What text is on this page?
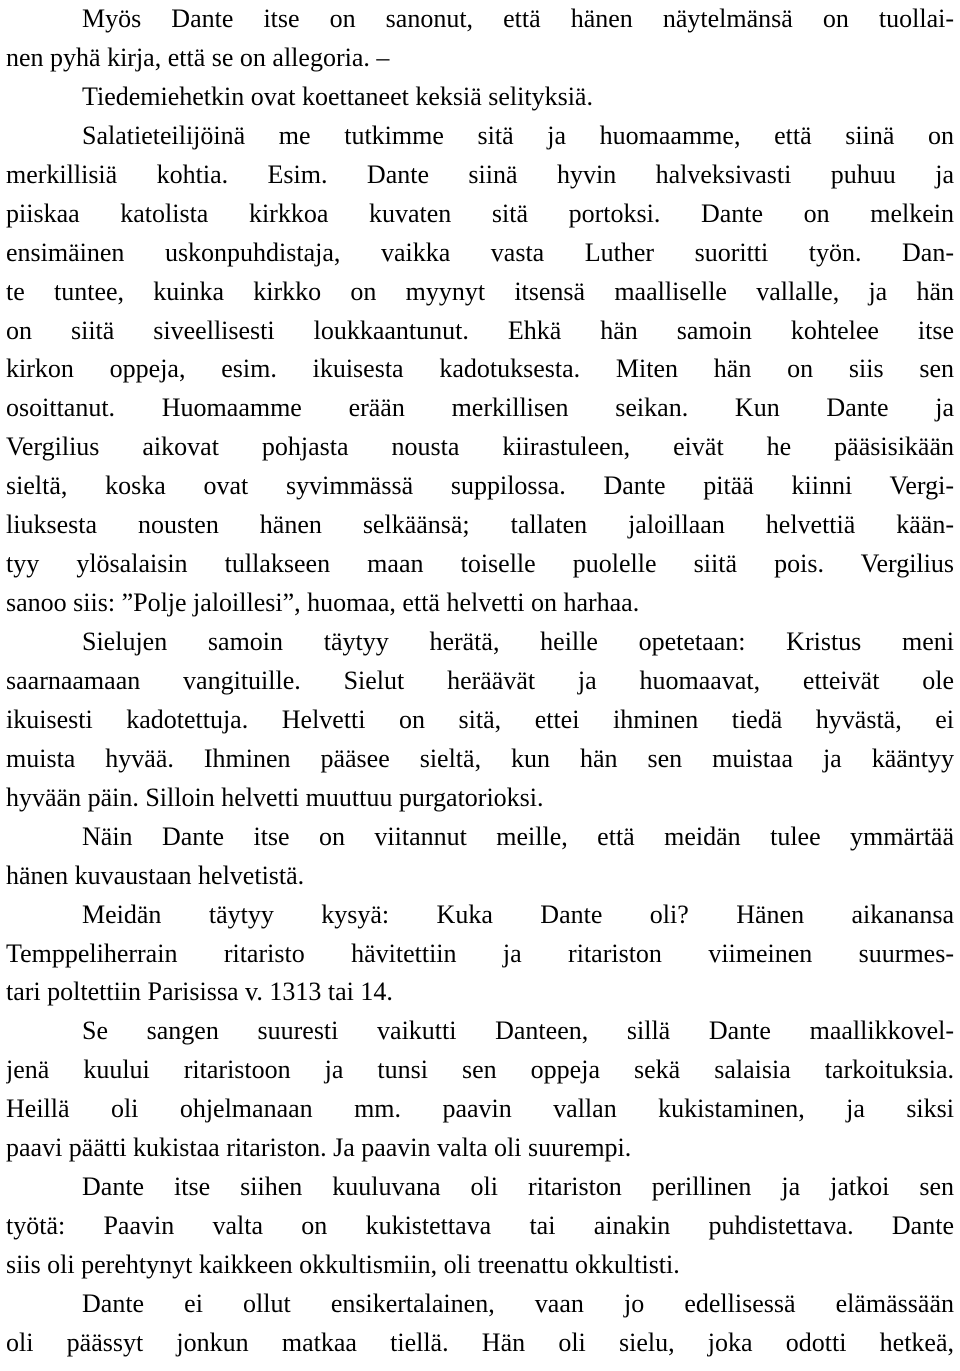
Myös Dante itse on sanonut, että hänen näytelmänsä on tuollai-
nen pyhä kirja, että se on allegoria. –
Tiedemiehetkin ovat koettaneet keksiä selityksiä.
Salatieteilijöinä me tutkimme sitä ja huomaamme, että siinä on
merkillisiä kohtia. Esim. Dante siinä hyvin halveksivasti puhuu ja
piiskaa katolista kirkkoa kuvaten sitä portoksi. Dante on melkein
ensimäinen uskonpuhdistaja, vaikka vasta Luther suoritti työn. Dan-
te tuntee, kuinka kirkko on myynyt itsensä maalliselle vallalle, ja hän
on siitä siveellisesti loukkaantunut. Ehkä hän samoin kohtelee itse
kirkon oppeja, esim. ikuisesta kadotuksesta. Miten hän on siis sen
osoittanut. Huomaamme erään merkillisen seikan. Kun Dante ja
Vergilius aikovat pohjasta nousta kiirastuleen, eivät he pääsisikään
sieltä, koska ovat syvimmässä suppilossa. Dante pitää kiinni Vergi-
liuksesta nousten hänen selkäänsä; tallaten jaloillaan helvettiä kään-
tyy ylösalaisin tullakseen maan toiselle puolelle siitä pois. Vergilius
sanoo siis: ”Polje jaloillesi”, huomaa, että helvetti on harhaa.
Sielujen samoin täytyy herätä, heille opetetaan: Kristus meni
saarnaamaan vangituille. Sielut heräävät ja huomaavat, etteivät ole
ikuisesti kadotettuja. Helvetti on sitä, ettei ihminen tiedä hyvästä, ei
muista hyvää. Ihminen pääsee sieltä, kun hän sen muistaa ja kääntyy
hyvään päin. Silloin helvetti muuttuu purgatorioksi.
Näin Dante itse on viitannut meille, että meidän tulee ymmärtää
hänen kuvaustaan helvetistä.
Meidän täytyy kysyä: Kuka Dante oli? Hänen aikanansa
Temppeliherrain ritaristo hävitettiin ja ritariston viimeinen suurmes-
tari poltettiin Parisissa v. 1313 tai 14.
Se sangen suuresti vaikutti Danteen, sillä Dante maallikkovel-
jenä kuului ritaristoon ja tunsi sen oppeja sekä salaisia tarkoituksia.
Heillä oli ohjelmanaan mm. paavin vallan kukistaminen, ja siksi
paavi päätti kukistaa ritariston. Ja paavin valta oli suurempi.
Dante itse siihen kuuluvana oli ritariston perillinen ja jatkoi sen
työtä: Paavin valta on kukistettava tai ainakin puhdistettava. Dante
siis oli perehtynyt kaikkeen okkultismiin, oli treenattu okkultisti.
Dante ei ollut ensikertalainen, vaan jo edellisessä elämässään
oli päässyt jonkun matkaa tiellä. Hän oli sielu, joka odotti hetkeä,
